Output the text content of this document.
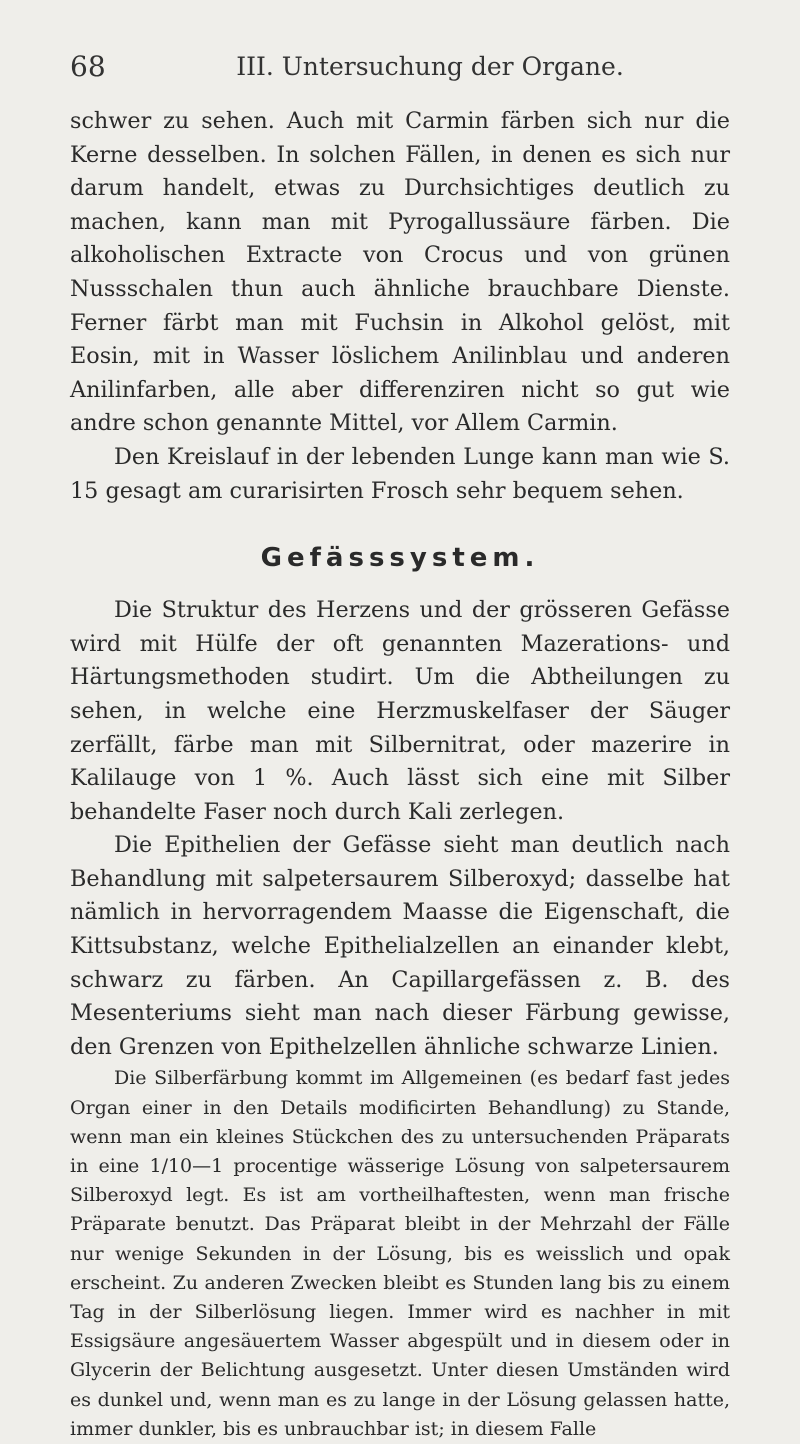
68	III. Untersuchung der Organe.

schwer zu sehen. Auch mit Carmin färben sich nur die Kerne desselben. In solchen Fällen, in denen es sich nur darum handelt, etwas zu Durchsichtiges deutlich zu machen, kann man mit Pyrogallussäure färben. Die alkoholischen Extracte von Crocus und von grünen Nussschalen thun auch ähnliche brauchbare Dienste. Ferner färbt man mit Fuchsin in Alkohol gelöst, mit Eosin, mit in Wasser löslichem Anilinblau und anderen Anilinfarben, alle aber differenziren nicht so gut wie andre schon genannte Mittel, vor Allem Carmin.

Den Kreislauf in der lebenden Lunge kann man wie S. 15 gesagt am curarisirten Frosch sehr bequem sehen.

Gefässsystem.

Die Struktur des Herzens und der grösseren Gefässe wird mit Hülfe der oft genannten Mazerations- und Härtungsmethoden studirt. Um die Abtheilungen zu sehen, in welche eine Herzmuskelfaser der Säuger zerfällt, färbe man mit Silbernitrat, oder mazerire in Kalilauge von 1 %. Auch lässt sich eine mit Silber behandelte Faser noch durch Kali zerlegen.

Die Epithelien der Gefässe sieht man deutlich nach Behandlung mit salpetersaurem Silberoxyd; dasselbe hat nämlich in hervorragendem Maasse die Eigenschaft, die Kittsubstanz, welche Epithelialzellen an einander klebt, schwarz zu färben. An Capillargefässen z. B. des Mesenteriums sieht man nach dieser Färbung gewisse, den Grenzen von Epithelzellen ähnliche schwarze Linien.

Die Silberfärbung kommt im Allgemeinen (es bedarf fast jedes Organ einer in den Details modificirten Behandlung) zu Stande, wenn man ein kleines Stückchen des zu untersuchenden Präparats in eine 1/10—1 procentige wässerige Lösung von salpetersaurem Silberoxyd legt. Es ist am vortheilhaftesten, wenn man frische Präparate benutzt. Das Präparat bleibt in der Mehrzahl der Fälle nur wenige Sekunden in der Lösung, bis es weisslich und opak erscheint. Zu anderen Zwecken bleibt es Stunden lang bis zu einem Tag in der Silberlösung liegen. Immer wird es nachher in mit Essigsäure angesäuertem Wasser abgespült und in diesem oder in Glycerin der Belichtung ausgesetzt. Unter diesen Umständen wird es dunkel und, wenn man es zu lange in der Lösung gelassen hatte, immer dunkler, bis es unbrauchbar ist; in diesem Falle
